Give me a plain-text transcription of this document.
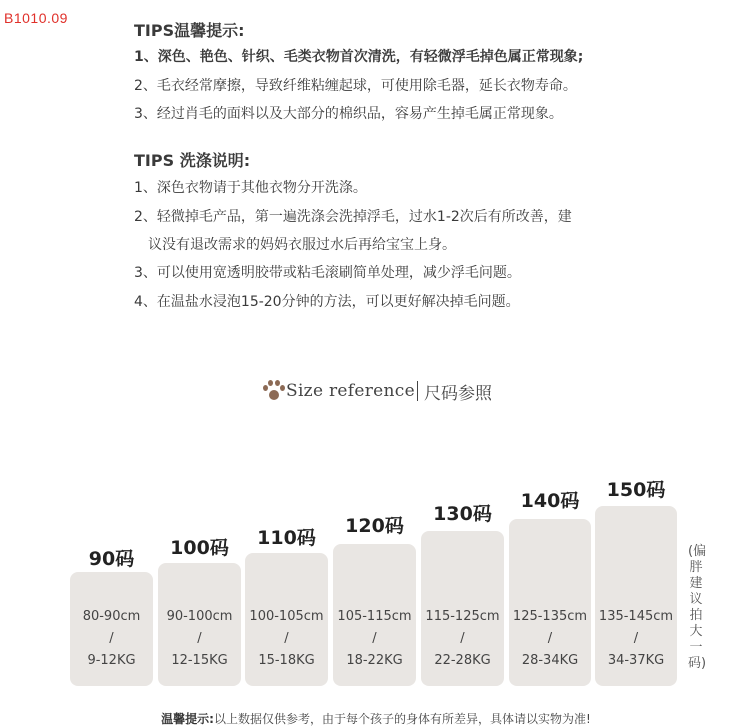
B1010.09
TIPS温馨提示:
1、深色、艳色、针织、毛类衣物首次清洗，有轻微浮毛掉色属正常现象;
2、毛衣经常摩擦，导致纤维粘缠起球，可使用除毛器，延长衣物寿命。
3、经过肖毛的面料以及大部分的棉织品，容易产生掉毛属正常现象。
TIPS 洗涤说明:
1、深色衣物请于其他衣物分开洗涤。
2、轻微掉毛产品，第一遍洗涤会洗掉浮毛，过水1-2次后有所改善，建
议没有退改需求的妈妈衣服过水后再给宝宝上身。
3、可以使用宽透明胶带或粘毛滚刷简单处理，减少浮毛问题。
4、在温盐水浸泡15-20分钟的方法，可以更好解决掉毛问题。
Size reference 尺码参照
90码
80-90cm
/
9-12KG
100码
90-100cm
/
12-15KG
110码
100-105cm
/
15-18KG
120码
105-115cm
/
18-22KG
130码
115-125cm
/
22-28KG
140码
125-135cm
/
28-34KG
150码
135-145cm
/
34-37KG
(偏胖建议拍大一码)
温馨提示:以上数据仅供参考，由于每个孩子的身体有所差异，具体请以实物为准!
